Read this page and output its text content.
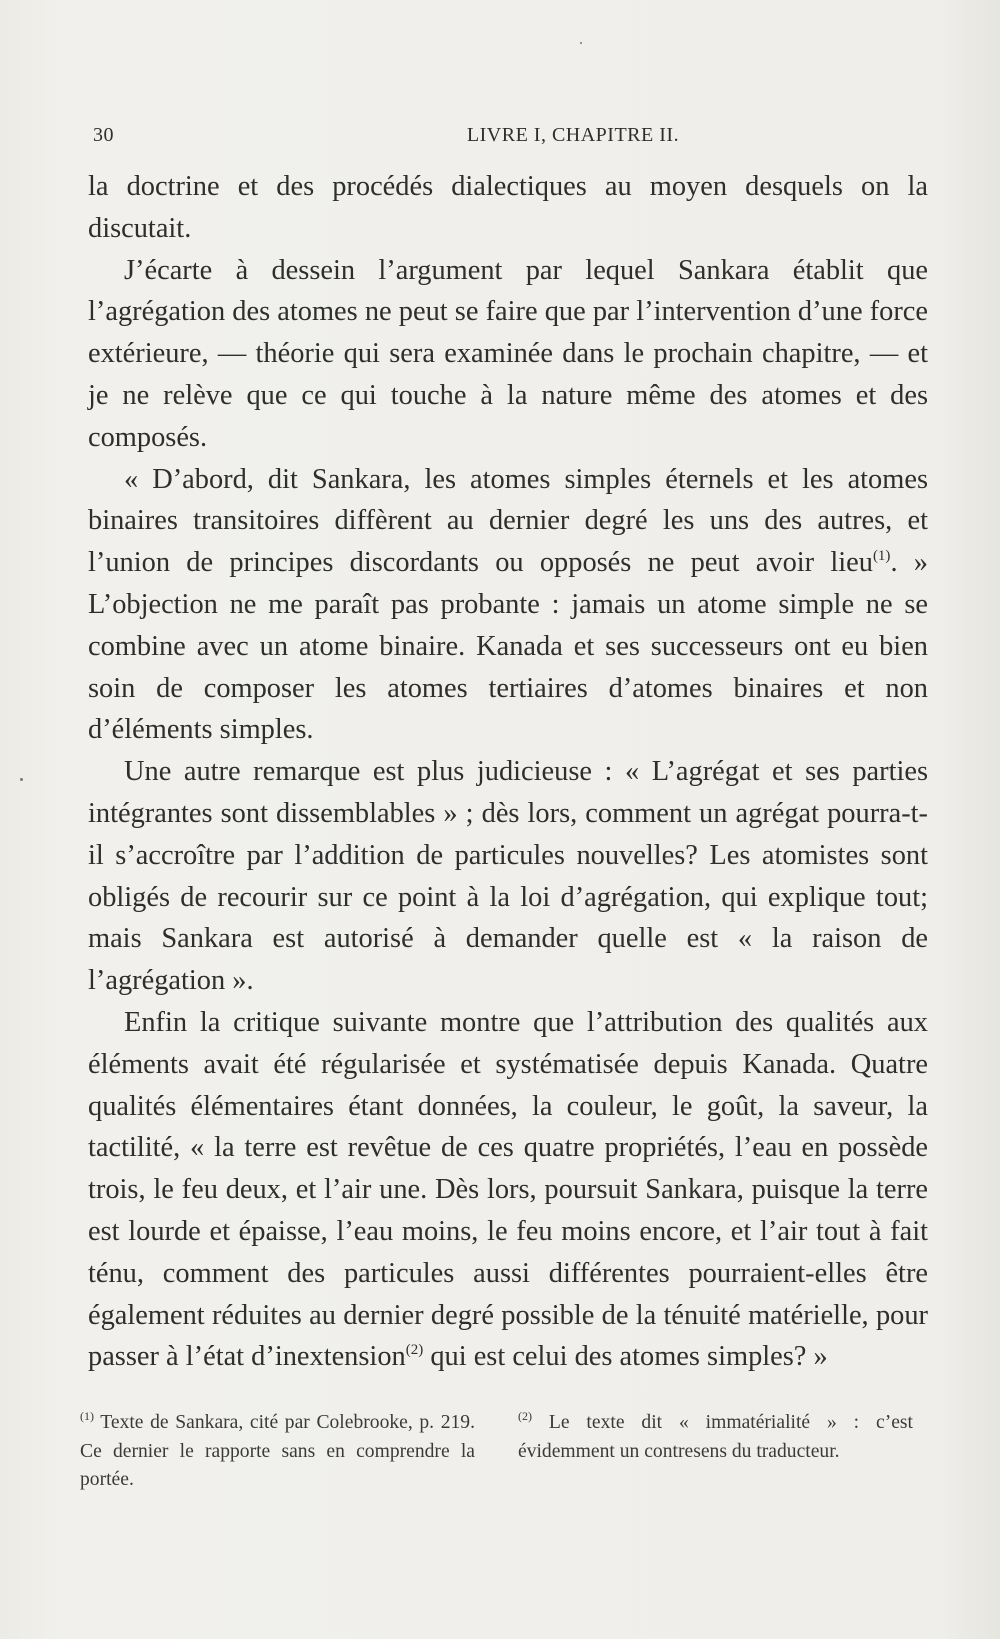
30	LIVRE I, CHAPITRE II.

la doctrine et des procédés dialectiques au moyen desquels on la discutait.

J’écarte à dessein l’argument par lequel Sankara établit que l’agrégation des atomes ne peut se faire que par l’intervention d’une force extérieure, — théorie qui sera examinée dans le prochain chapitre, — et je ne relève que ce qui touche à la nature même des atomes et des composés.

« D’abord, dit Sankara, les atomes simples éternels et les atomes binaires transitoires diffèrent au dernier degré les uns des autres, et l’union de principes discordants ou opposés ne peut avoir lieu$^{(1)}$. » L’objection ne me paraît pas probante : jamais un atome simple ne se combine avec un atome binaire. Kanada et ses successeurs ont eu bien soin de composer les atomes tertiaires d’atomes binaires et non d’éléments simples.

Une autre remarque est plus judicieuse : « L’agrégat et ses parties intégrantes sont dissemblables » ; dès lors, comment un agrégat pourra-t-il s’accroître par l’addition de particules nouvelles? Les atomistes sont obligés de recourir sur ce point à la loi d’agrégation, qui explique tout; mais Sankara est autorisé à demander quelle est « la raison de l’agrégation ».

Enfin la critique suivante montre que l’attribution des qualités aux éléments avait été régularisée et systématisée depuis Kanada. Quatre qualités élémentaires étant données, la couleur, le goût, la saveur, la tactilité, « la terre est revêtue de ces quatre propriétés, l’eau en possède trois, le feu deux, et l’air une. Dès lors, poursuit Sankara, puisque la terre est lourde et épaisse, l’eau moins, le feu moins encore, et l’air tout à fait ténu, comment des particules aussi différentes pourraient-elles être également réduites au dernier degré possible de la ténuité matérielle, pour passer à l’état d’inextension$^{(2)}$ qui est celui des atomes simples? »

$^{(1)}$ Texte de Sankara, cité par Colebrooke, p. 219. Ce dernier le rapporte sans en comprendre la portée.
$^{(2)}$ Le texte dit « immatérialité » : c’est évidemment un contresens du traducteur.
